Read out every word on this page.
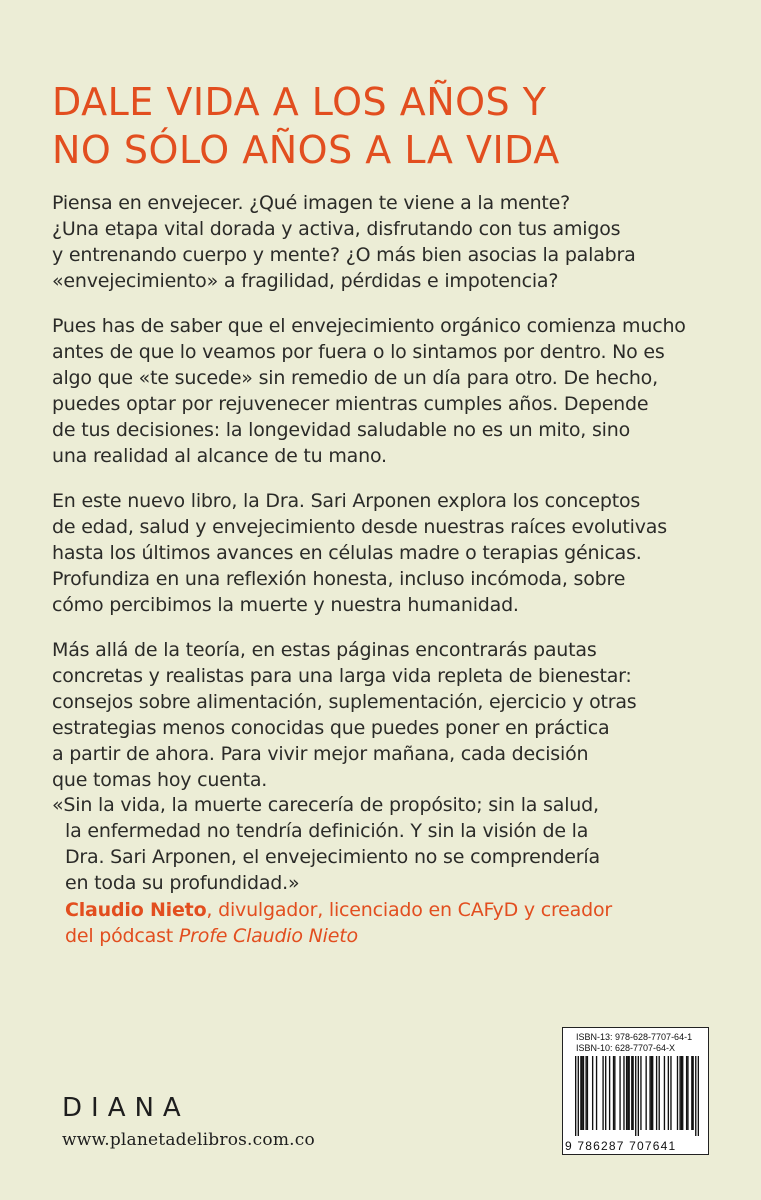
DALE VIDA A LOS AÑOS Y
NO SÓLO AÑOS A LA VIDA

Piensa en envejecer. ¿Qué imagen te viene a la mente?
¿Una etapa vital dorada y activa, disfrutando con tus amigos
y entrenando cuerpo y mente? ¿O más bien asocias la palabra
«envejecimiento» a fragilidad, pérdidas e impotencia?

Pues has de saber que el envejecimiento orgánico comienza mucho
antes de que lo veamos por fuera o lo sintamos por dentro. No es
algo que «te sucede» sin remedio de un día para otro. De hecho,
puedes optar por rejuvenecer mientras cumples años. Depende
de tus decisiones: la longevidad saludable no es un mito, sino
una realidad al alcance de tu mano.

En este nuevo libro, la Dra. Sari Arponen explora los conceptos
de edad, salud y envejecimiento desde nuestras raíces evolutivas
hasta los últimos avances en células madre o terapias génicas.
Profundiza en una reflexión honesta, incluso incómoda, sobre
cómo percibimos la muerte y nuestra humanidad.

Más allá de la teoría, en estas páginas encontrarás pautas
concretas y realistas para una larga vida repleta de bienestar:
consejos sobre alimentación, suplementación, ejercicio y otras
estrategias menos conocidas que puedes poner en práctica
a partir de ahora. Para vivir mejor mañana, cada decisión
que tomas hoy cuenta.

«Sin la vida, la muerte carecería de propósito; sin la salud,
la enfermedad no tendría definición. Y sin la visión de la
Dra. Sari Arponen, el envejecimiento no se comprendería
en toda su profundidad.»
Claudio Nieto, divulgador, licenciado en CAFyD y creador
del pódcast Profe Claudio Nieto
DIANA
www.planetadelibros.com.co
ISBN-13: 978-628-7707-64-1
ISBN-10: 628-7707-64-X
9 786287 707641
